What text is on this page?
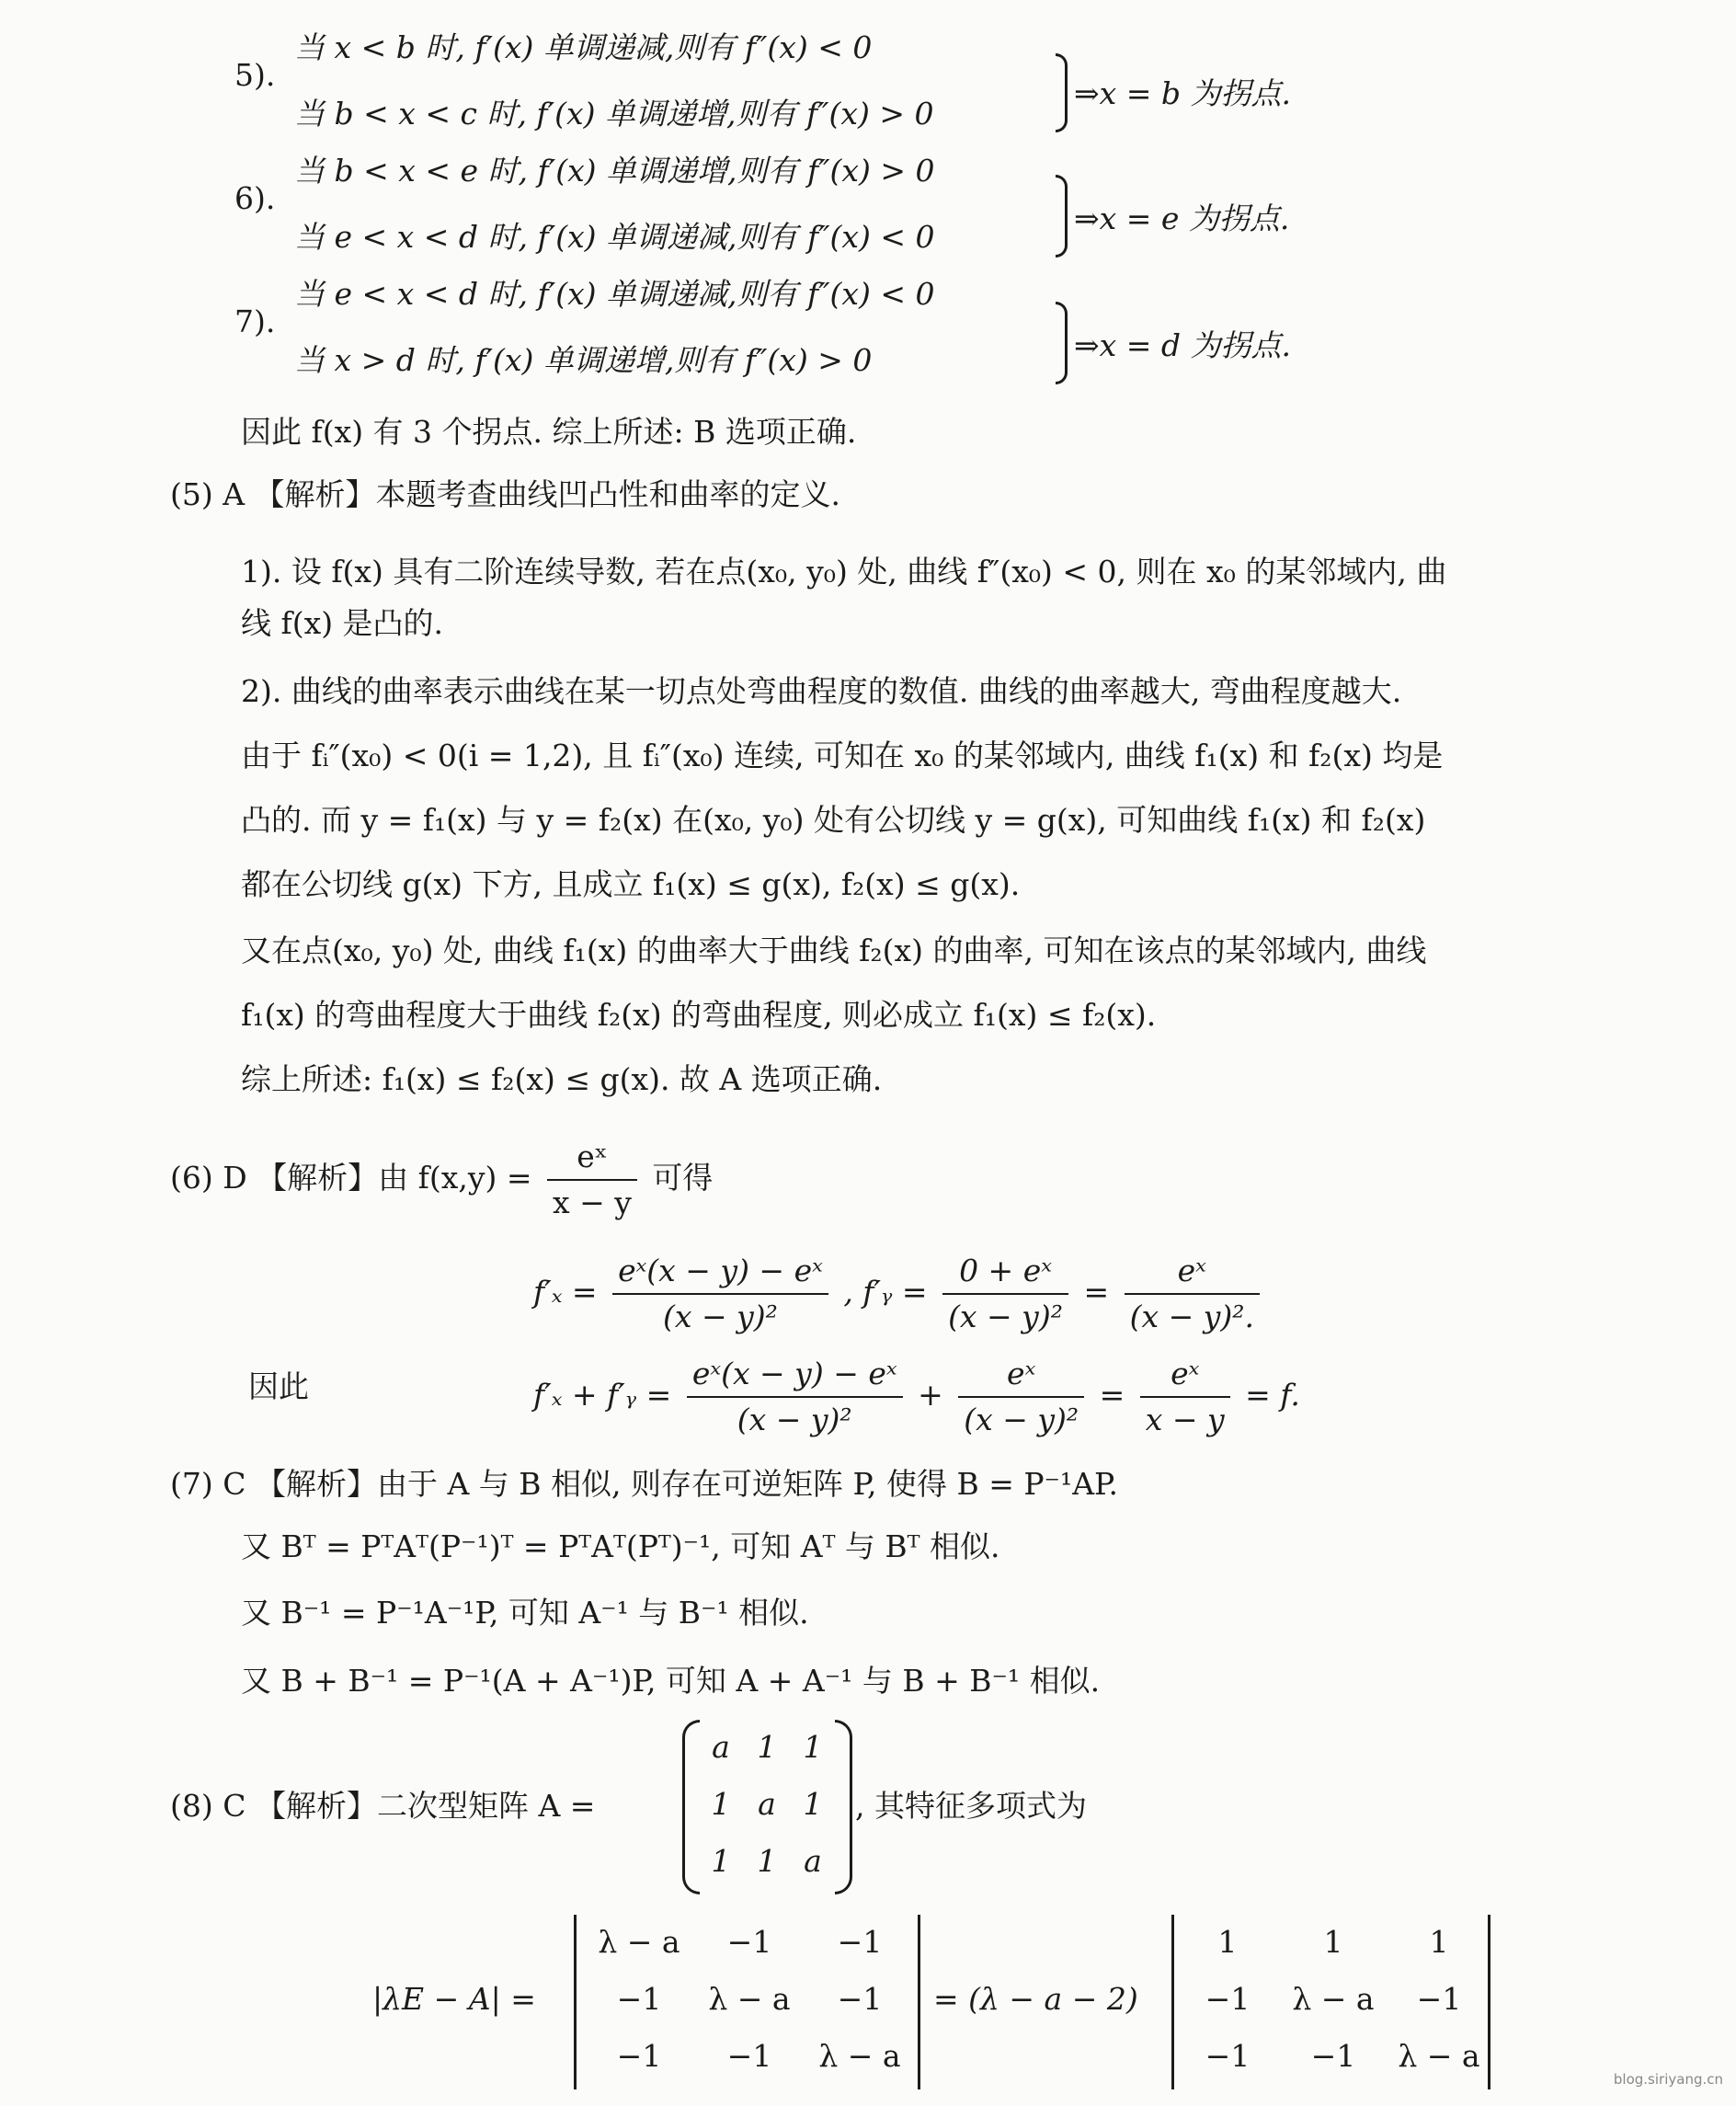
5).
当 x < b 时, f′(x) 单调递减,则有 f″(x) < 0
当 b < x < c 时, f′(x) 单调递增,则有 f″(x) > 0
⇒x = b 为拐点.
6).
当 b < x < e 时, f′(x) 单调递增,则有 f″(x) > 0
当 e < x < d 时, f′(x) 单调递减,则有 f″(x) < 0
⇒x = e 为拐点.
7).
当 e < x < d 时, f′(x) 单调递减,则有 f″(x) < 0
当 x > d 时, f′(x) 单调递增,则有 f″(x) > 0	⇒x = d 为拐点.
因此 f(x) 有 3 个拐点. 综上所述: B 选项正确.
(5) A 【解析】本题考查曲线凹凸性和曲率的定义.
1). 设 f(x) 具有二阶连续导数, 若在点(x₀, y₀) 处, 曲线 f″(x₀) < 0, 则在 x₀ 的某邻域内, 曲
线 f(x) 是凸的.
2). 曲线的曲率表示曲线在某一切点处弯曲程度的数值. 曲线的曲率越大, 弯曲程度越大.
由于 fᵢ″(x₀) < 0(i = 1,2), 且 fᵢ″(x₀) 连续, 可知在 x₀ 的某邻域内, 曲线 f₁(x) 和 f₂(x) 均是
凸的. 而 y = f₁(x) 与 y = f₂(x) 在(x₀, y₀) 处有公切线 y = g(x), 可知曲线 f₁(x) 和 f₂(x)
都在公切线 g(x) 下方, 且成立 f₁(x) ≤ g(x), f₂(x) ≤ g(x).
又在点(x₀, y₀) 处, 曲线 f₁(x) 的曲率大于曲线 f₂(x) 的曲率, 可知在该点的某邻域内, 曲线
f₁(x) 的弯曲程度大于曲线 f₂(x) 的弯曲程度, 则必成立 f₁(x) ≤ f₂(x).
综上所述: f₁(x) ≤ f₂(x) ≤ g(x). 故 A 选项正确.
(6) D 【解析】由 $f(x,y) = \frac{\text{eˣ}}{x - y}$ 可得
$f'_x = \frac{\text{eˣ(x − y) − eˣ}}{\text{(x − y)²}}$ , f′ᵧ = $\frac{\text{0 + eˣ}}{\text{(x − y)²}} = \frac{\text{eˣ}}{\text{(x − y)².}}$
因此	f′ₓ + f′ᵧ = $\frac{\text{eˣ(x − y) − eˣ}}{\text{(x − y)²}} + \frac{\text{eˣ}}{\text{(x − y)²}} = \frac{\text{eˣ}}{x - y} = f$.
(7) C 【解析】由于 A 与 B 相似, 则存在可逆矩阵 P, 使得 B = P⁻¹AP.
又 Bᵀ = PᵀAᵀ(P⁻¹)ᵀ = PᵀAᵀ(Pᵀ)⁻¹, 可知 Aᵀ 与 Bᵀ 相似.
又 B⁻¹ = P⁻¹A⁻¹P, 可知 A⁻¹ 与 B⁻¹ 相似.
又 B + B⁻¹ = P⁻¹(A + A⁻¹)P, 可知 A + A⁻¹ 与 B + B⁻¹ 相似.
(8) C 【解析】二次型矩阵 A =
a 1 1
1 a 1
1 1 a
, 其特征多项式为
|λE − A| =
λ − a	−1	−1
−1	λ − a	−1
−1	−1	λ − a
= (λ − a − 2)
1	1	1
−1	λ − a	−1
−1	−1	λ − a
blog.siriyang.cn
